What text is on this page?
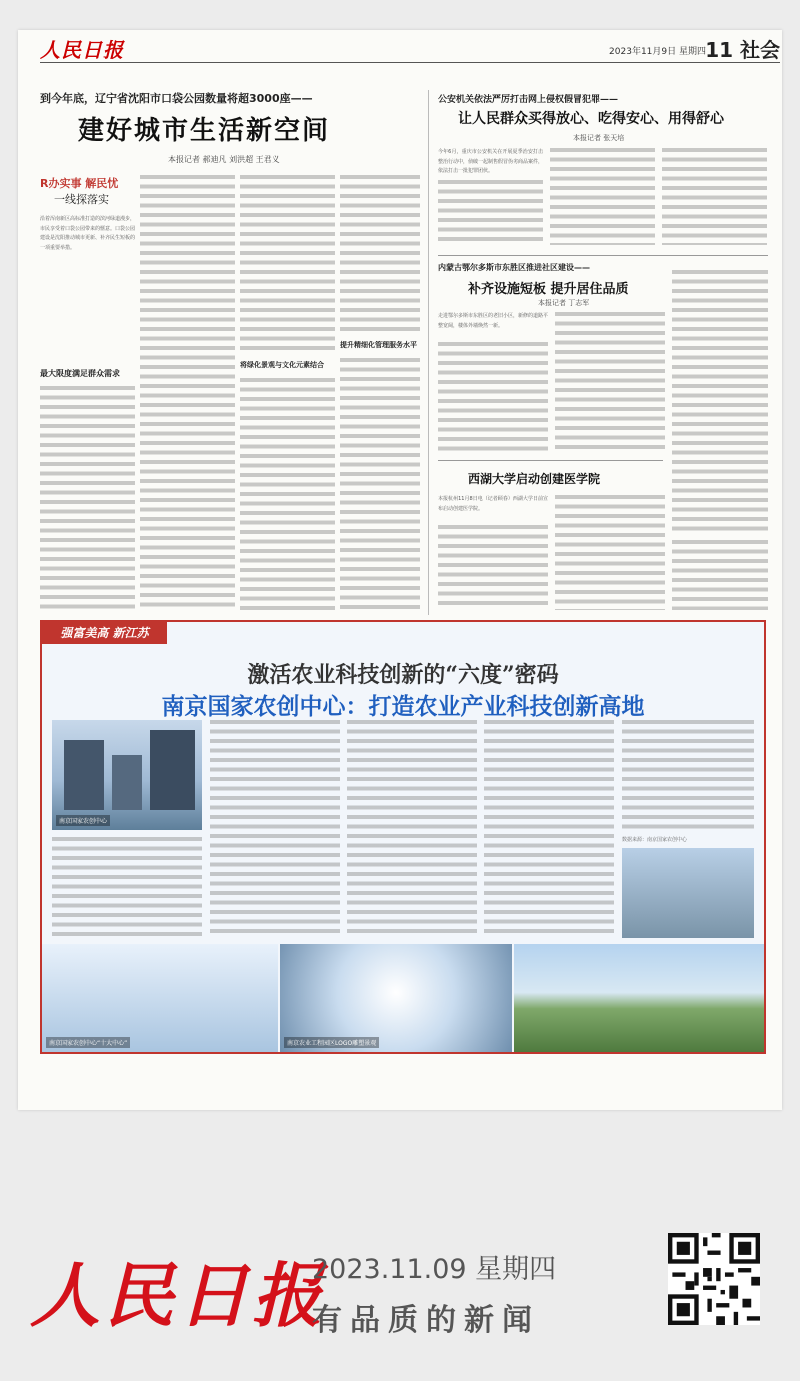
人民日报	2023年11月9日 星期四 11 社会
到今年底，辽宁省沈阳市口袋公园数量将超3000座——
建好城市生活新空间
本报记者 郝迪凡 刘洪超 王君义
R办实事 解民忧
一线探落实
沿着浑南新区高标准打造的滨河绿道漫步，市民享受着口袋公园带来的惬意。口袋公园建设是沈阳推动城市更新、补齐民生短板的一项重要举措。
最大限度满足群众需求
将绿化景观与文化元素结合
提升精细化管理服务水平
公安机关依法严厉打击网上侵权假冒犯罪——
让人民群众买得放心、吃得安心、用得舒心
本报记者 张天培
今年6月，重庆市公安机关在开展夏季治安打击整治行动中，侦破一起制售假冒伪劣商品案件，依法打击一批犯罪团伙。
内蒙古鄂尔多斯市东胜区推进社区建设——
补齐设施短板 提升居住品质
本报记者 丁志军
走进鄂尔多斯市东胜区的老旧小区，新修的道路平整宽阔，楼体外墙焕然一新。
西湖大学启动创建医学院
本报杭州11月8日电（记者顾春）西湖大学日前宣布启动创建医学院。
强富美高 新江苏
激活农业科技创新的“六度”密码
南京国家农创中心：打造农业产业科技创新高地
南京国家农创中心
数据来源：南京国家农创中心
南京国家农创中心“十大中心”	南京农业工程园区LOGO雕塑景观
人民日报
2023.11.09 星期四
有品质的新闻
